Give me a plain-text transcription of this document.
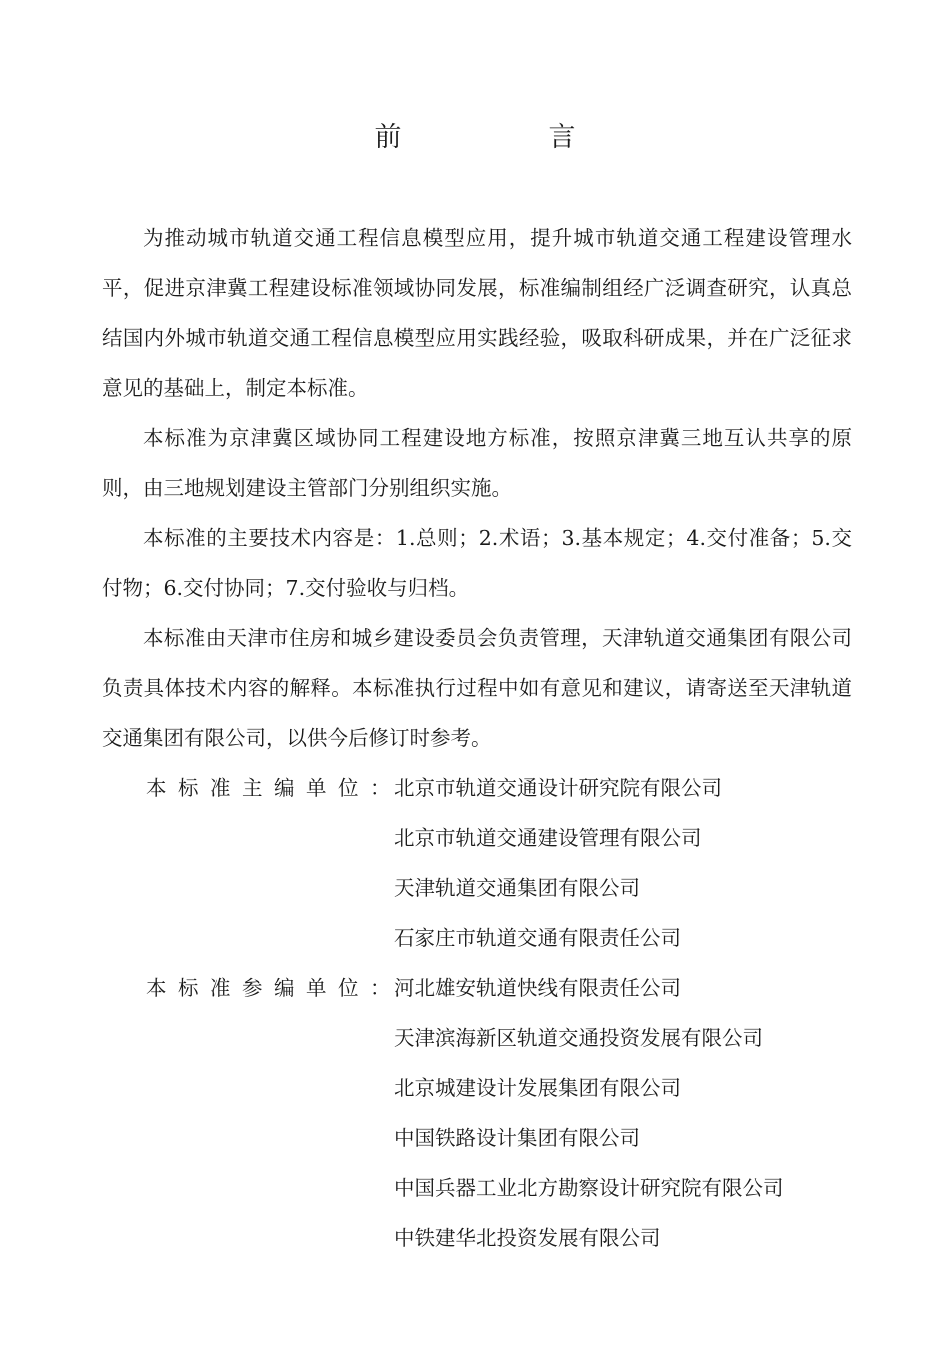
前　言

为推动城市轨道交通工程信息模型应用，提升城市轨道交通工程建设管理水平，促进京津冀工程建设标准领域协同发展，标准编制组经广泛调查研究，认真总结国内外城市轨道交通工程信息模型应用实践经验，吸取科研成果，并在广泛征求意见的基础上，制定本标准。

本标准为京津冀区域协同工程建设地方标准，按照京津冀三地互认共享的原则，由三地规划建设主管部门分别组织实施。

本标准的主要技术内容是：1.总则；2.术语；3.基本规定；4.交付准备；5.交付物；6.交付协同；7.交付验收与归档。

本标准由天津市住房和城乡建设委员会负责管理，天津轨道交通集团有限公司负责具体技术内容的解释。本标准执行过程中如有意见和建议，请寄送至天津轨道交通集团有限公司，以供今后修订时参考。

本标准主编单位：
北京市轨道交通设计研究院有限公司
北京市轨道交通建设管理有限公司
天津轨道交通集团有限公司
石家庄市轨道交通有限责任公司
本标准参编单位：
河北雄安轨道快线有限责任公司
天津滨海新区轨道交通投资发展有限公司
北京城建设计发展集团有限公司
中国铁路设计集团有限公司
中国兵器工业北方勘察设计研究院有限公司
中铁建华北投资发展有限公司
